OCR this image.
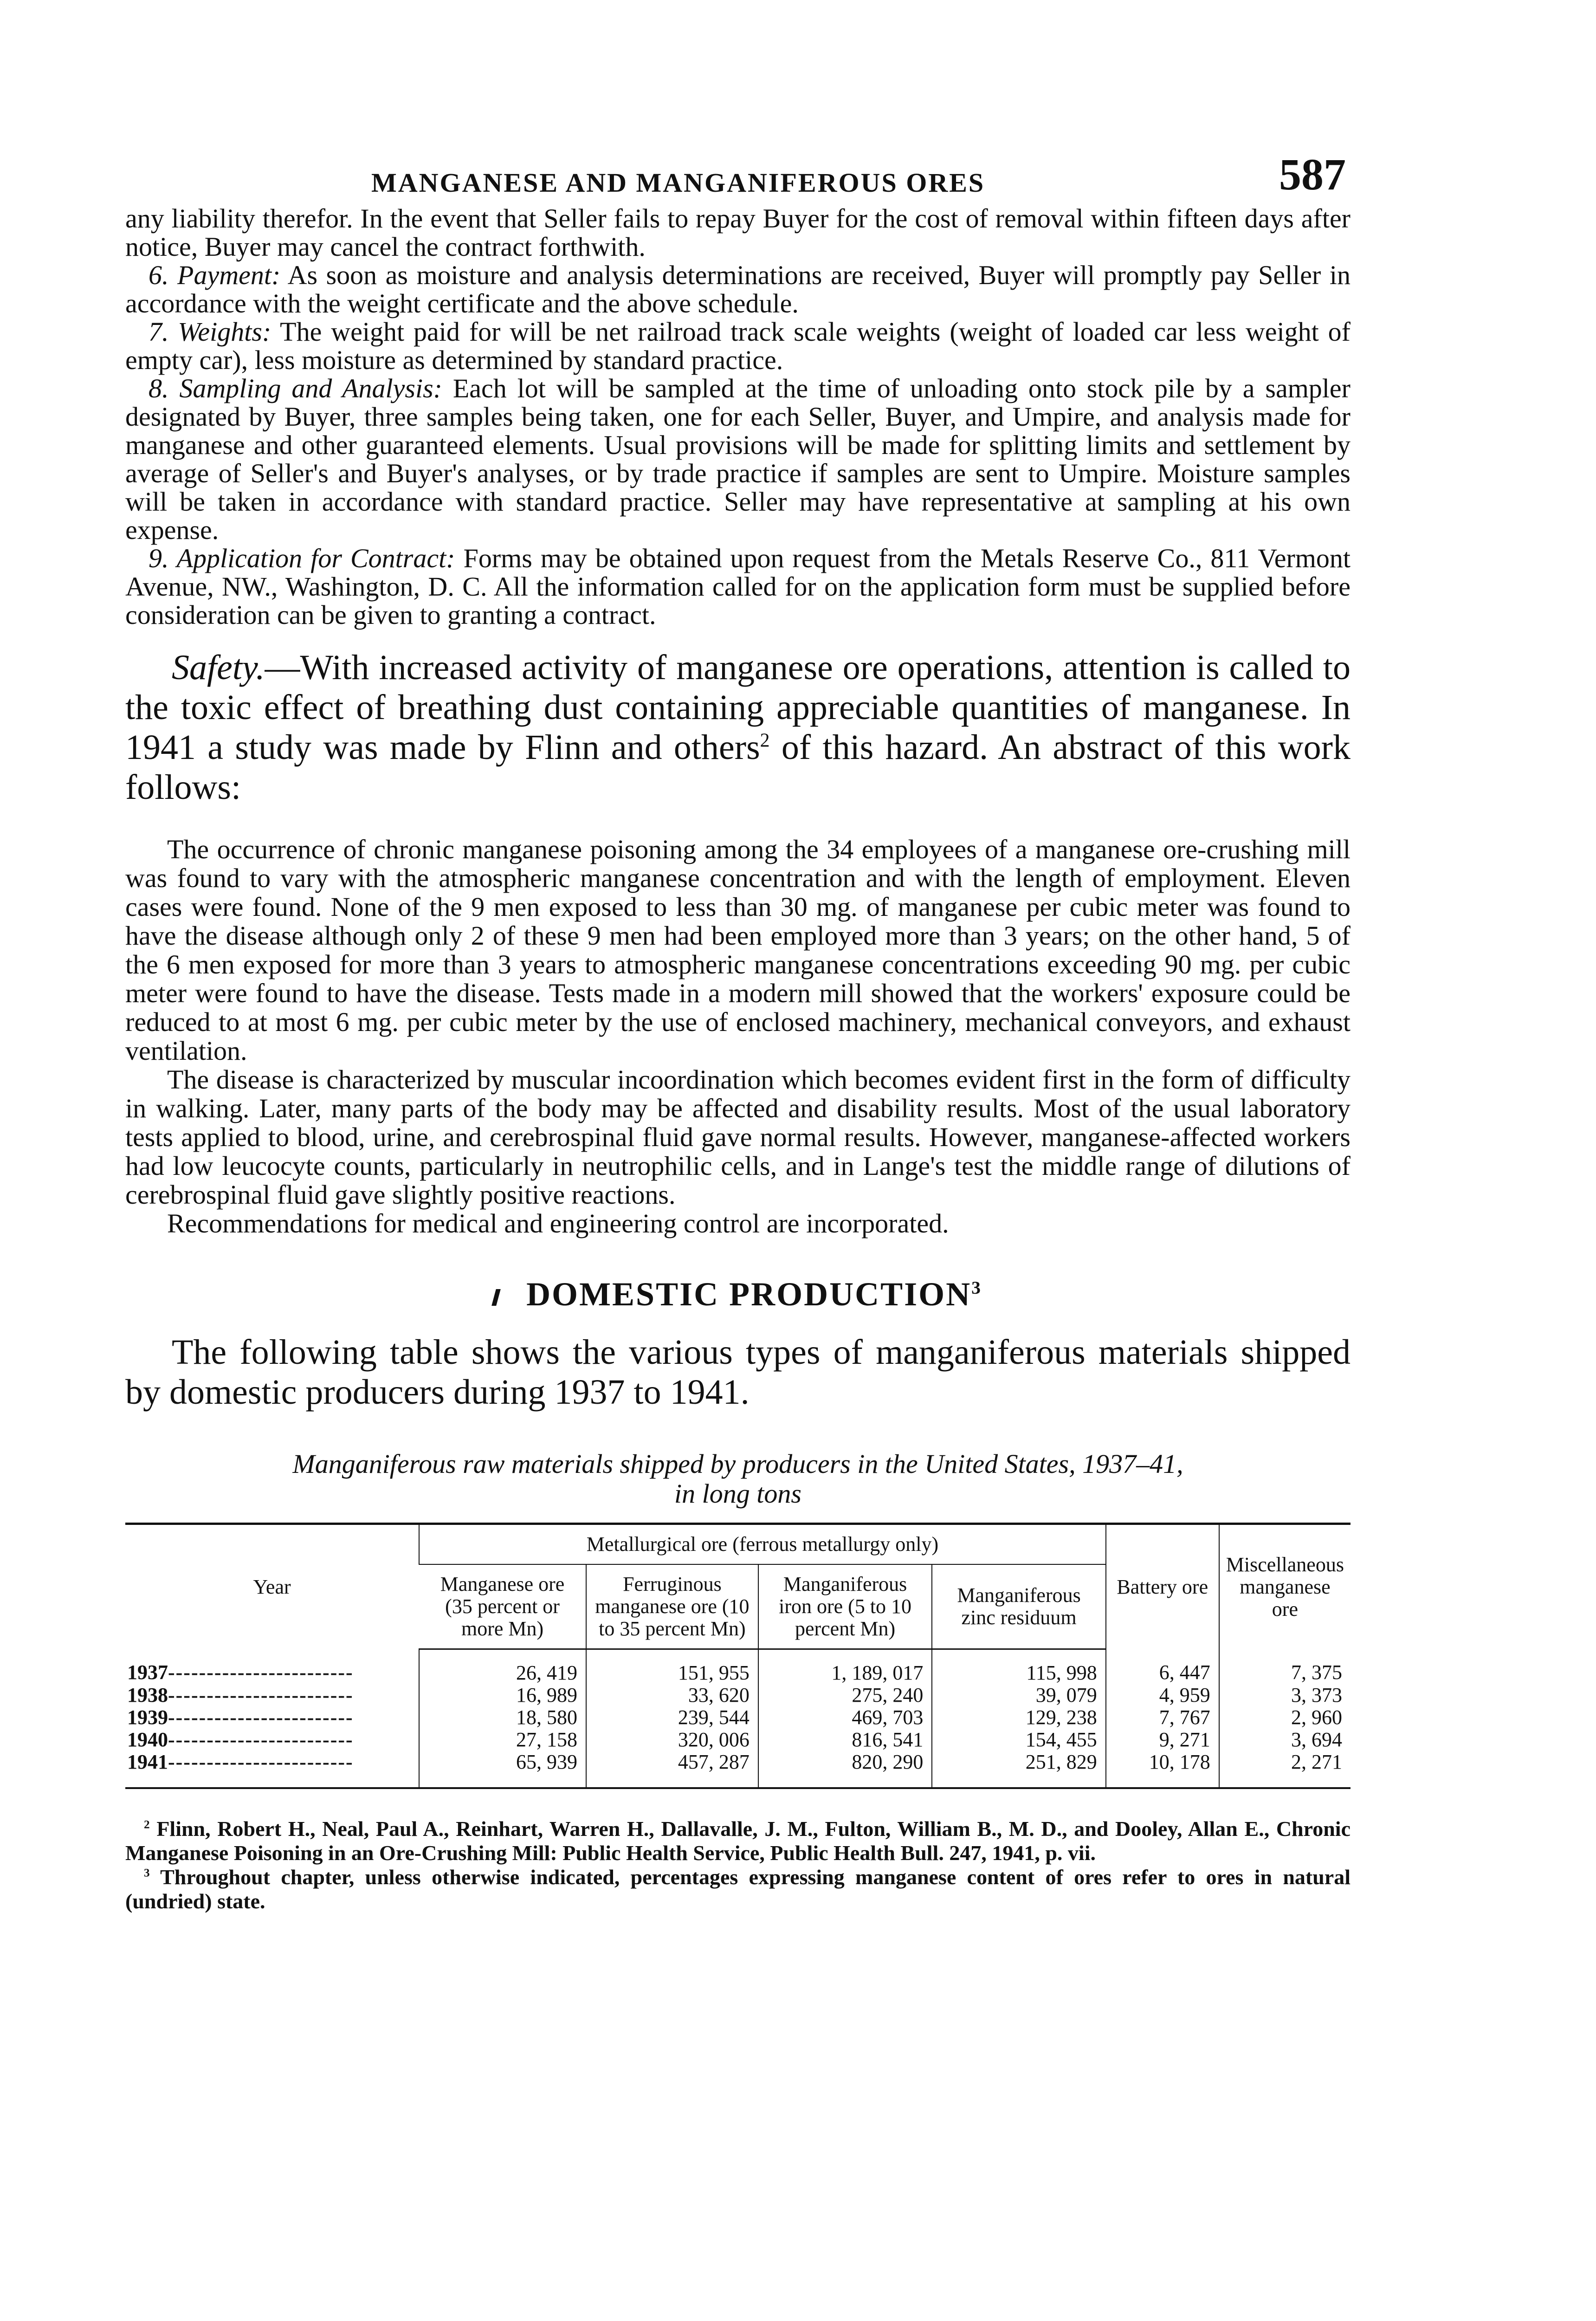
MANGANESE AND MANGANIFEROUS ORES	587

any liability therefor. In the event that Seller fails to repay Buyer for the cost of removal within fifteen days after notice, Buyer may cancel the contract forthwith.

6. Payment: As soon as moisture and analysis determinations are received, Buyer will promptly pay Seller in accordance with the weight certificate and the above schedule.

7. Weights: The weight paid for will be net railroad track scale weights (weight of loaded car less weight of empty car), less moisture as determined by standard practice.

8. Sampling and Analysis: Each lot will be sampled at the time of unloading onto stock pile by a sampler designated by Buyer, three samples being taken, one for each Seller, Buyer, and Umpire, and analysis made for manganese and other guaranteed elements. Usual provisions will be made for splitting limits and settlement by average of Seller's and Buyer's analyses, or by trade practice if samples are sent to Umpire. Moisture samples will be taken in accordance with standard practice. Seller may have representative at sampling at his own expense.

9. Application for Contract: Forms may be obtained upon request from the Metals Reserve Co., 811 Vermont Avenue, NW., Washington, D. C. All the information called for on the application form must be supplied before consideration can be given to granting a contract.

Safety.—With increased activity of manganese ore operations, attention is called to the toxic effect of breathing dust containing appreciable quantities of manganese. In 1941 a study was made by Flinn and others$^2$ of this hazard. An abstract of this work follows:

The occurrence of chronic manganese poisoning among the 34 employees of a manganese ore-crushing mill was found to vary with the atmospheric manganese concentration and with the length of employment. Eleven cases were found. None of the 9 men exposed to less than 30 mg. of manganese per cubic meter was found to have the disease although only 2 of these 9 men had been employed more than 3 years; on the other hand, 5 of the 6 men exposed for more than 3 years to atmospheric manganese concentrations exceeding 90 mg. per cubic meter were found to have the disease. Tests made in a modern mill showed that the workers' exposure could be reduced to at most 6 mg. per cubic meter by the use of enclosed machinery, mechanical conveyors, and exhaust ventilation.

The disease is characterized by muscular incoordination which becomes evident first in the form of difficulty in walking. Later, many parts of the body may be affected and disability results. Most of the usual laboratory tests applied to blood, urine, and cerebrospinal fluid gave normal results. However, manganese-affected workers had low leucocyte counts, particularly in neutrophilic cells, and in Lange's test the middle range of dilutions of cerebrospinal fluid gave slightly positive reactions.

Recommendations for medical and engineering control are incorporated.

DOMESTIC PRODUCTION$^3$

The following table shows the various types of manganiferous materials shipped by domestic producers during 1937 to 1941.

Manganiferous raw materials shipped by producers in the United States, 1937–41,
in long tons
Year	Metallurgical ore (ferrous metallurgy only)				Battery ore	Miscellaneous manganese ore
	Manganese ore (35 percent or more Mn)	Ferruginous manganese ore (10 to 35 percent Mn)	Manganiferous iron ore (5 to 10 percent Mn)	Manganiferous zinc residuum		
1937------------------------	26, 419	151, 955	1, 189, 017	115, 998	6, 447	7, 375
1938------------------------	16, 989	33, 620	275, 240	39, 079	4, 959	3, 373
1939------------------------	18, 580	239, 544	469, 703	129, 238	7, 767	2, 960
1940------------------------	27, 158	320, 006	816, 541	154, 455	9, 271	3, 694
1941------------------------	65, 939	457, 287	820, 290	251, 829	10, 178	2, 271

$^2$ Flinn, Robert H., Neal, Paul A., Reinhart, Warren H., Dallavalle, J. M., Fulton, William B., M. D., and Dooley, Allan E., Chronic Manganese Poisoning in an Ore-Crushing Mill: Public Health Service, Public Health Bull. 247, 1941, p. vii.

$^3$ Throughout chapter, unless otherwise indicated, percentages expressing manganese content of ores refer to ores in natural (undried) state.
